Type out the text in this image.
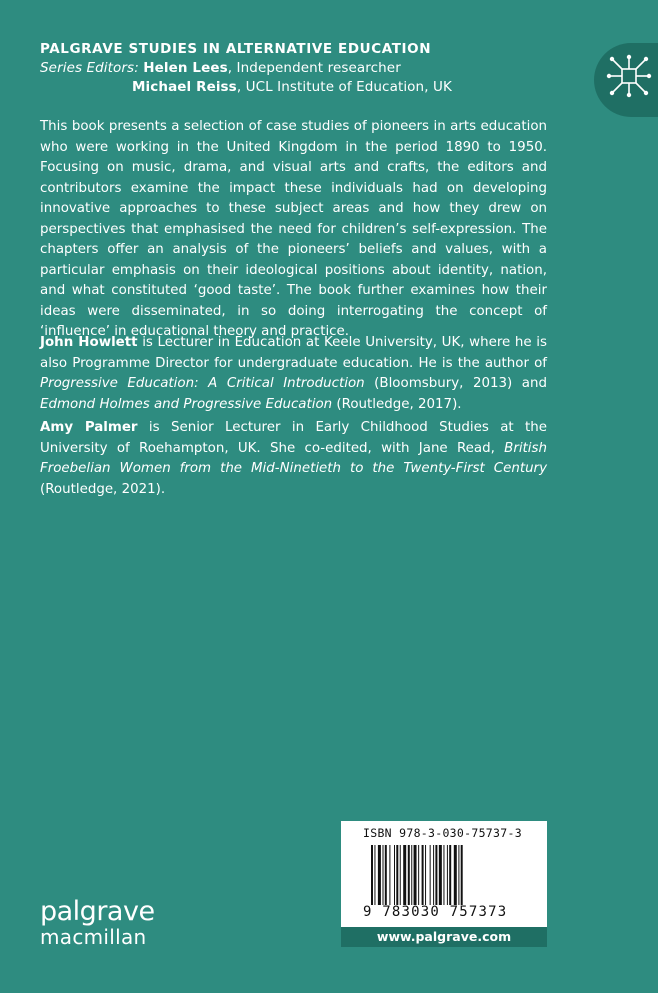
PALGRAVE STUDIES IN ALTERNATIVE EDUCATION
Series Editors: Helen Lees, Independent researcher
Michael Reiss, UCL Institute of Education, UK
This book presents a selection of case studies of pioneers in arts education who were working in the United Kingdom in the period 1890 to 1950. Focusing on music, drama, and visual arts and crafts, the editors and contributors examine the impact these individuals had on developing innovative approaches to these subject areas and how they drew on perspectives that emphasised the need for children’s self-expression. The chapters offer an analysis of the pioneers’ beliefs and values, with a particular emphasis on their ideological positions about identity, nation, and what constituted ‘good taste’. The book further examines how their ideas were disseminated, in so doing interrogating the concept of ‘influence’ in educational theory and practice.
John Howlett is Lecturer in Education at Keele University, UK, where he is also Programme Director for undergraduate education. He is the author of Progressive Education: A Critical Introduction (Bloomsbury, 2013) and Edmond Holmes and Progressive Education (Routledge, 2017).
Amy Palmer is Senior Lecturer in Early Childhood Studies at the University of Roehampton, UK. She co-edited, with Jane Read, British Froebelian Women from the Mid-Ninetieth to the Twenty-First Century (Routledge, 2021).
ISBN 978-3-030-75737-3
9 783030 757373
www.palgrave.com
palgrave
macmillan
